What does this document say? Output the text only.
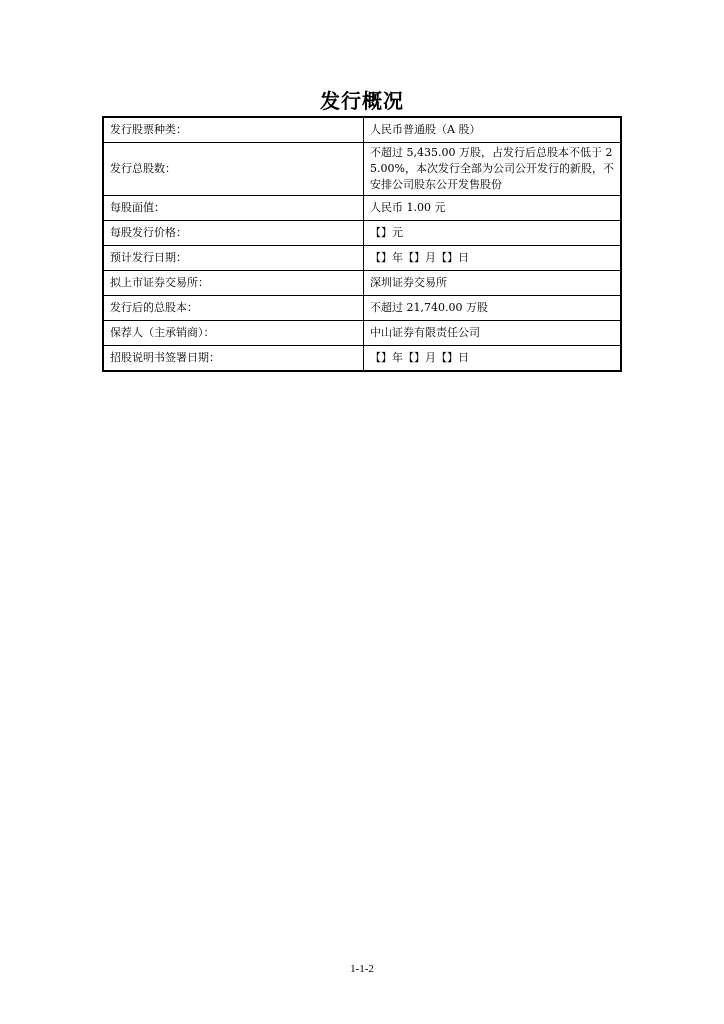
发行概况
发行股票种类：	人民币普通股（A 股）
发行总股数：	不超过 5,435.00 万股，占发行后总股本不低于 25.00%，本次发行全部为公司公开发行的新股，不安排公司股东公开发售股份
每股面值：	人民币 1.00 元
每股发行价格：	【】元
预计发行日期：	【】年【】月【】日
拟上市证券交易所：	深圳证券交易所
发行后的总股本：	不超过 21,740.00 万股
保荐人（主承销商）：	中山证券有限责任公司
招股说明书签署日期：	【】年【】月【】日
1-1-2
